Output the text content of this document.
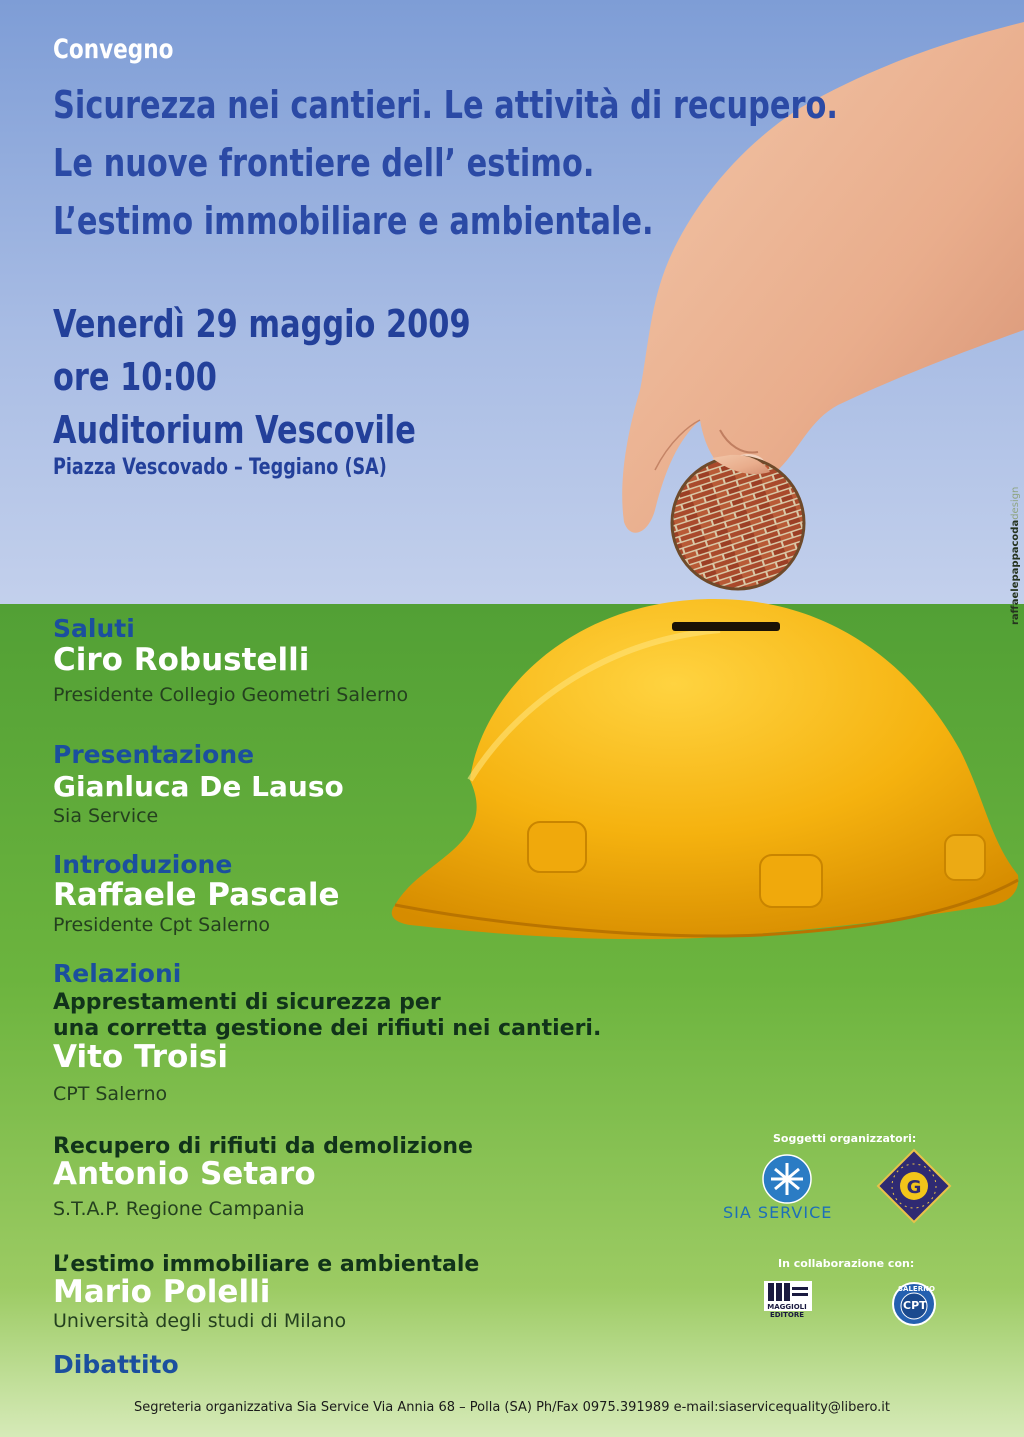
Convegno
Sicurezza nei cantieri. Le attività di recupero.
Le nuove frontiere dell’ estimo.
L’estimo immobiliare e ambientale.
Venerdì 29 maggio 2009
ore 10:00
Auditorium Vescovile
Piazza Vescovado – Teggiano (SA)
raffaelepappacodadesign
Saluti
Ciro Robustelli
Presidente Collegio Geometri Salerno
Presentazione
Gianluca De Lauso
Sia Service
Introduzione
Raffaele Pascale
Presidente Cpt Salerno
Relazioni
Apprestamenti di sicurezza per
una corretta gestione dei rifiuti nei cantieri.
Vito Troisi
CPT Salerno
Recupero di rifiuti da demolizione
Antonio Setaro
S.T.A.P. Regione Campania
L’estimo immobiliare e ambientale
Mario Polelli
Università degli studi di Milano
Dibattito
Soggetti organizzatori:
SIA SERVICE
G
In collaborazione con:
MAGGIOLI EDITORE
SALERNO
CPT
Segreteria organizzativa Sia Service Via Annia 68 – Polla (SA) Ph/Fax 0975.391989 e-mail:siaservicequality@libero.it
